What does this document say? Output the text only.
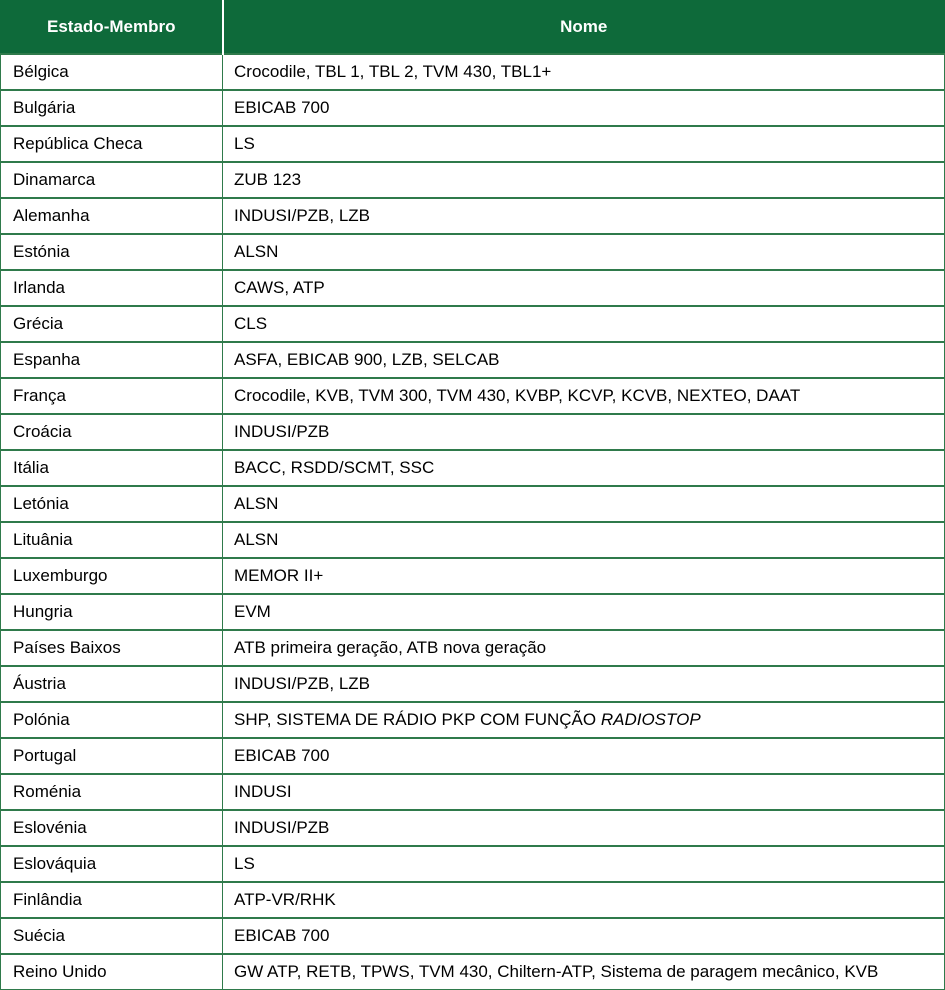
Estado-Membro	Nome
Bélgica	Crocodile, TBL 1, TBL 2, TVM 430, TBL1+
Bulgária	EBICAB 700
República Checa	LS
Dinamarca	ZUB 123
Alemanha	INDUSI/PZB, LZB
Estónia	ALSN
Irlanda	CAWS, ATP
Grécia	CLS
Espanha	ASFA, EBICAB 900, LZB, SELCAB
França	Crocodile, KVB, TVM 300, TVM 430, KVBP, KCVP, KCVB, NEXTEO, DAAT
Croácia	INDUSI/PZB
Itália	BACC, RSDD/SCMT, SSC
Letónia	ALSN
Lituânia	ALSN
Luxemburgo	MEMOR II+
Hungria	EVM
Países Baixos	ATB primeira geração, ATB nova geração
Áustria	INDUSI/PZB, LZB
Polónia	SHP, SISTEMA DE RÁDIO PKP COM FUNÇÃO RADIOSTOP
Portugal	EBICAB 700
Roménia	INDUSI
Eslovénia	INDUSI/PZB
Eslováquia	LS
Finlândia	ATP-VR/RHK
Suécia	EBICAB 700
Reino Unido	GW ATP, RETB, TPWS, TVM 430, Chiltern-ATP, Sistema de paragem mecânico, KVB
